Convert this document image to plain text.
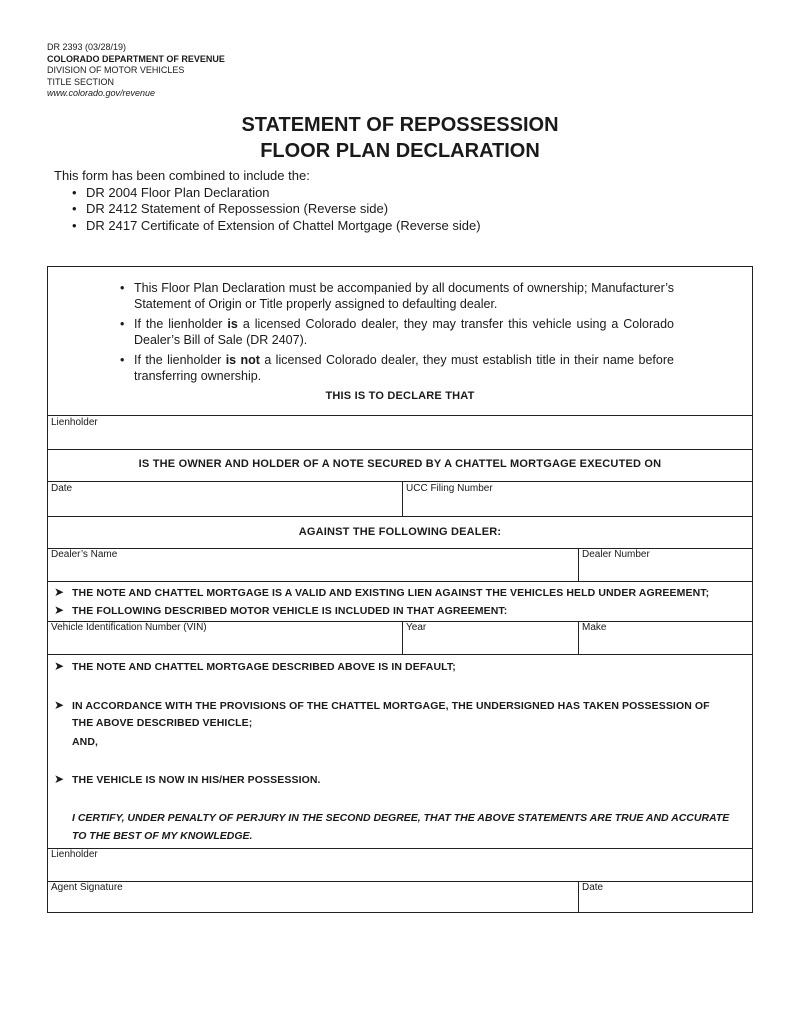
DR 2393 (03/28/19)
COLORADO DEPARTMENT OF REVENUE
DIVISION OF MOTOR VEHICLES
TITLE SECTION
www.colorado.gov/revenue
STATEMENT OF REPOSSESSION
FLOOR PLAN DECLARATION
This form has been combined to include the:
• DR 2004 Floor Plan Declaration
• DR 2412 Statement of Repossession (Reverse side)
• DR 2417 Certificate of Extension of Chattel Mortgage (Reverse side)
• This Floor Plan Declaration must be accompanied by all documents of ownership; Manufacturer’s Statement of Origin or Title properly assigned to defaulting dealer.
• If the lienholder is a licensed Colorado dealer, they may transfer this vehicle using a Colorado Dealer’s Bill of Sale (DR 2407).
• If the lienholder is not a licensed Colorado dealer, they must establish title in their name before transferring ownership.
THIS IS TO DECLARE THAT
Lienholder
IS THE OWNER AND HOLDER OF A NOTE SECURED BY A CHATTEL MORTGAGE EXECUTED ON
Date	UCC Filing Number
AGAINST THE FOLLOWING DEALER:
Dealer’s Name	Dealer Number
➤ THE NOTE AND CHATTEL MORTGAGE IS A VALID AND EXISTING LIEN AGAINST THE VEHICLES HELD UNDER AGREEMENT;
➤ THE FOLLOWING DESCRIBED MOTOR VEHICLE IS INCLUDED IN THAT AGREEMENT:
Vehicle Identification Number (VIN)	Year	Make
➤ THE NOTE AND CHATTEL MORTGAGE DESCRIBED ABOVE IS IN DEFAULT;
➤ IN ACCORDANCE WITH THE PROVISIONS OF THE CHATTEL MORTGAGE, THE UNDERSIGNED HAS TAKEN POSSESSION OF
THE ABOVE DESCRIBED VEHICLE;
AND,
➤ THE VEHICLE IS NOW IN HIS/HER POSSESSION.
I CERTIFY, UNDER PENALTY OF PERJURY IN THE SECOND DEGREE, THAT THE ABOVE STATEMENTS ARE TRUE AND ACCURATE TO THE BEST OF MY KNOWLEDGE.
Lienholder
Agent Signature	Date
